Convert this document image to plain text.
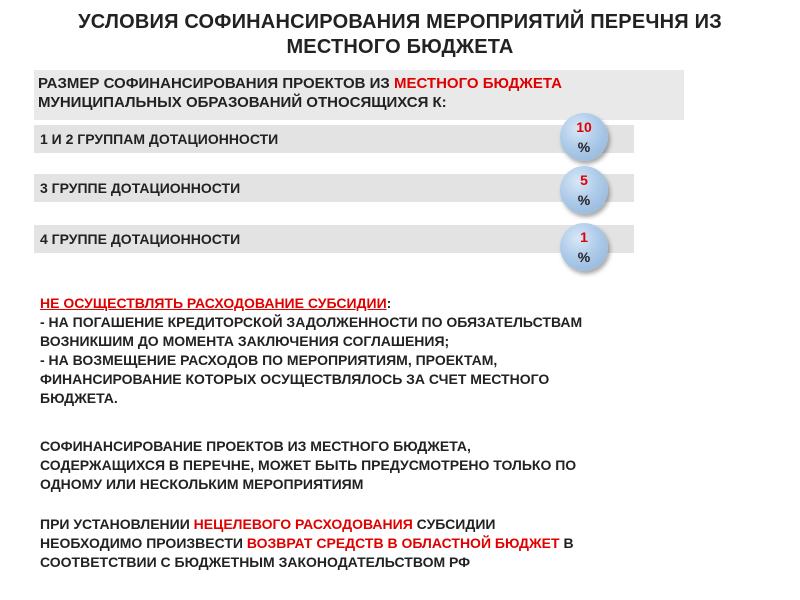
УСЛОВИЯ СОФИНАНСИРОВАНИЯ МЕРОПРИЯТИЙ ПЕРЕЧНЯ ИЗ
МЕСТНОГО БЮДЖЕТА
РАЗМЕР СОФИНАНСИРОВАНИЯ ПРОЕКТОВ ИЗ МЕСТНОГО БЮДЖЕТА
МУНИЦИПАЛЬНЫХ ОБРАЗОВАНИЙ ОТНОСЯЩИХСЯ К:
1 И 2 ГРУППАМ ДОТАЦИОННОСТИ
10
%
3 ГРУППЕ ДОТАЦИОННОСТИ	5
%
4 ГРУППЕ ДОТАЦИОННОСТИ	1
%
НЕ ОСУЩЕСТВЛЯТЬ РАСХОДОВАНИЕ СУБСИДИИ:
- НА ПОГАШЕНИЕ КРЕДИТОРСКОЙ ЗАДОЛЖЕННОСТИ ПО ОБЯЗАТЕЛЬСТВАМ
ВОЗНИКШИМ ДО МОМЕНТА ЗАКЛЮЧЕНИЯ СОГЛАШЕНИЯ;
- НА ВОЗМЕЩЕНИЕ РАСХОДОВ ПО МЕРОПРИЯТИЯМ, ПРОЕКТАМ,
ФИНАНСИРОВАНИЕ КОТОРЫХ ОСУЩЕСТВЛЯЛОСЬ ЗА СЧЕТ МЕСТНОГО
БЮДЖЕТА.
СОФИНАНСИРОВАНИЕ ПРОЕКТОВ ИЗ МЕСТНОГО БЮДЖЕТА,
СОДЕРЖАЩИХСЯ В ПЕРЕЧНЕ, МОЖЕТ БЫТЬ ПРЕДУСМОТРЕНО ТОЛЬКО ПО
ОДНОМУ ИЛИ НЕСКОЛЬКИМ МЕРОПРИЯТИЯМ
ПРИ УСТАНОВЛЕНИИ НЕЦЕЛЕВОГО РАСХОДОВАНИЯ СУБСИДИИ
НЕОБХОДИМО ПРОИЗВЕСТИ ВОЗВРАТ СРЕДСТВ В ОБЛАСТНОЙ БЮДЖЕТ В
СООТВЕТСТВИИ С БЮДЖЕТНЫМ ЗАКОНОДАТЕЛЬСТВОМ РФ
